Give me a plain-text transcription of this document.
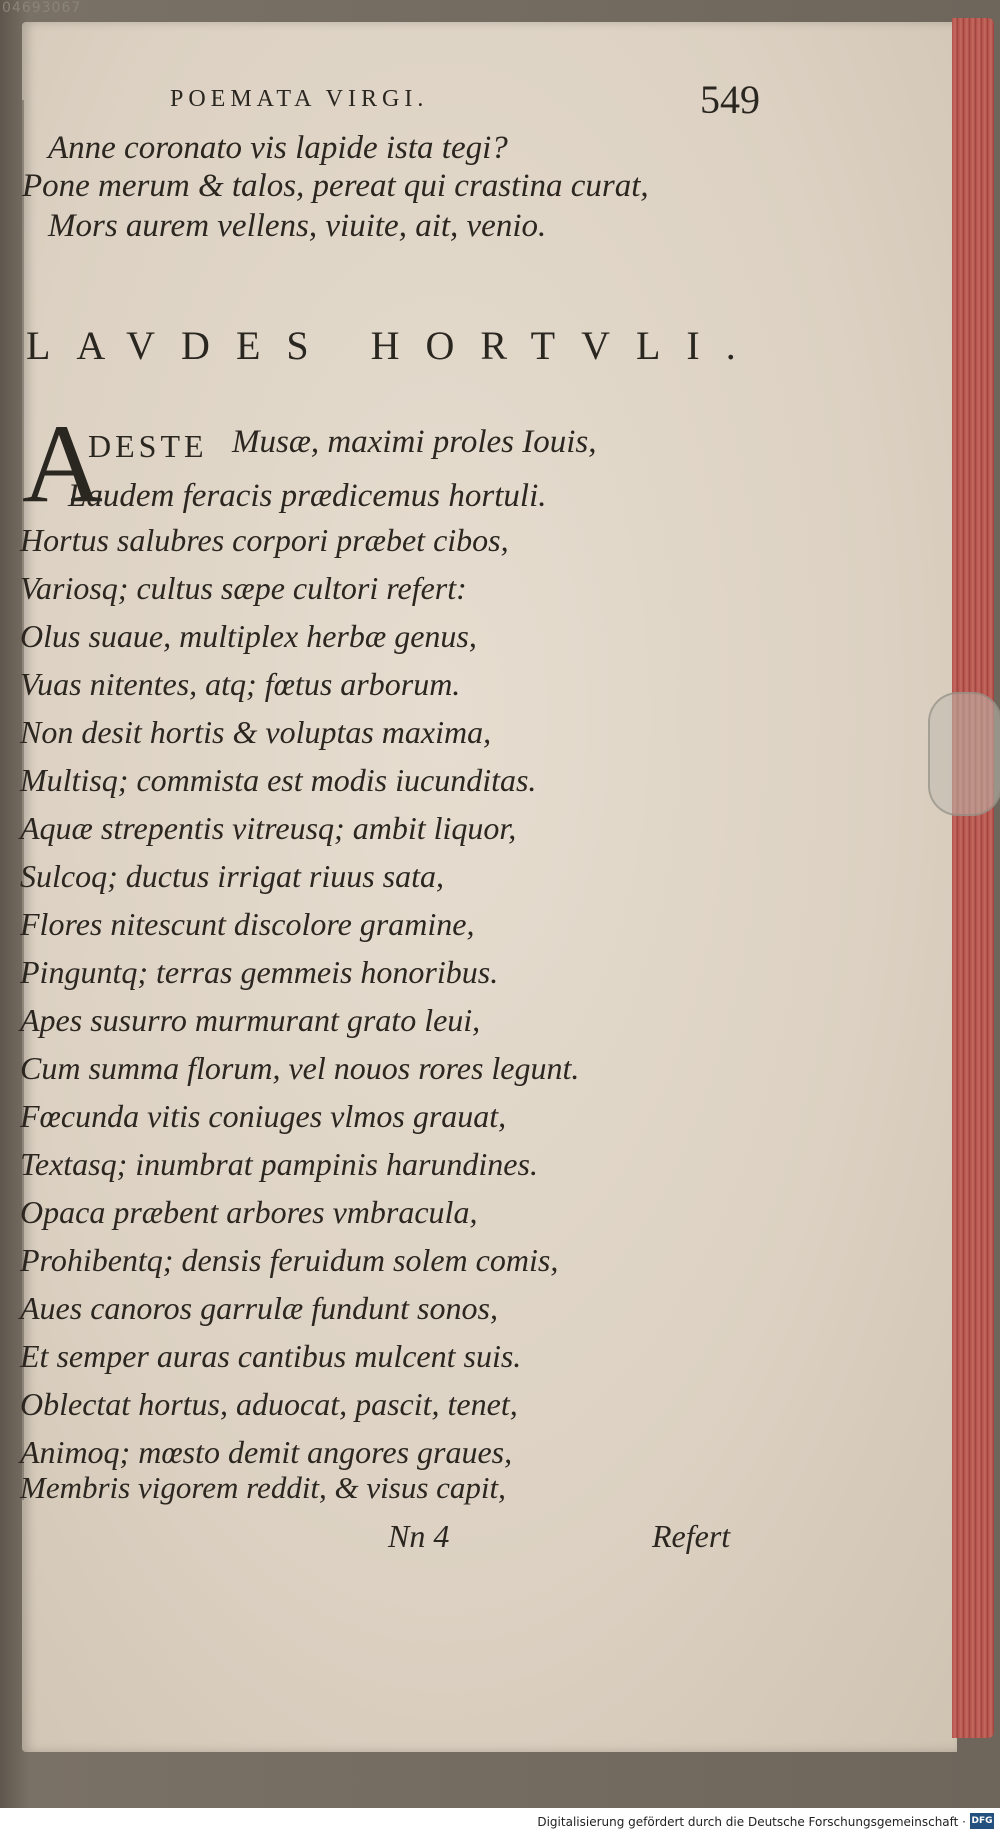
04693067
POEMATA VIRGI.	549
Anne coronato vis lapide ista tegi?
Pone merum & talos, pereat qui crastina curat,
Mors aurem vellens, viuite, ait, venio.
LAVDES HORTVLI.
A
DESTE Musæ, maximi proles Iouis,
Laudem feracis prædicemus hortuli.
Hortus salubres corpori præbet cibos,
Variosq; cultus sæpe cultori refert:
Olus suaue, multiplex herbæ genus,
Vuas nitentes, atq; fœtus arborum.
Non desit hortis & voluptas maxima,
Multisq; commista est modis iucunditas.
Aquæ strepentis vitreusq; ambit liquor,
Sulcoq; ductus irrigat riuus sata,
Flores nitescunt discolore gramine,
Pinguntq; terras gemmeis honoribus.
Apes susurro murmurant grato leui,
Cum summa florum, vel nouos rores legunt.
Fœcunda vitis coniuges vlmos grauat,
Textasq; inumbrat pampinis harundines.
Opaca præbent arbores vmbracula,
Prohibentq; densis feruidum solem comis,
Aues canoros garrulæ fundunt sonos,
Et semper auras cantibus mulcent suis.
Oblectat hortus, aduocat, pascit, tenet,
Animoq; mœsto demit angores graues,
Membris vigorem reddit, & visus capit,
Nn 4	Refert
Digitalisierung gefördert durch die Deutsche Forschungsgemeinschaft · DFG
